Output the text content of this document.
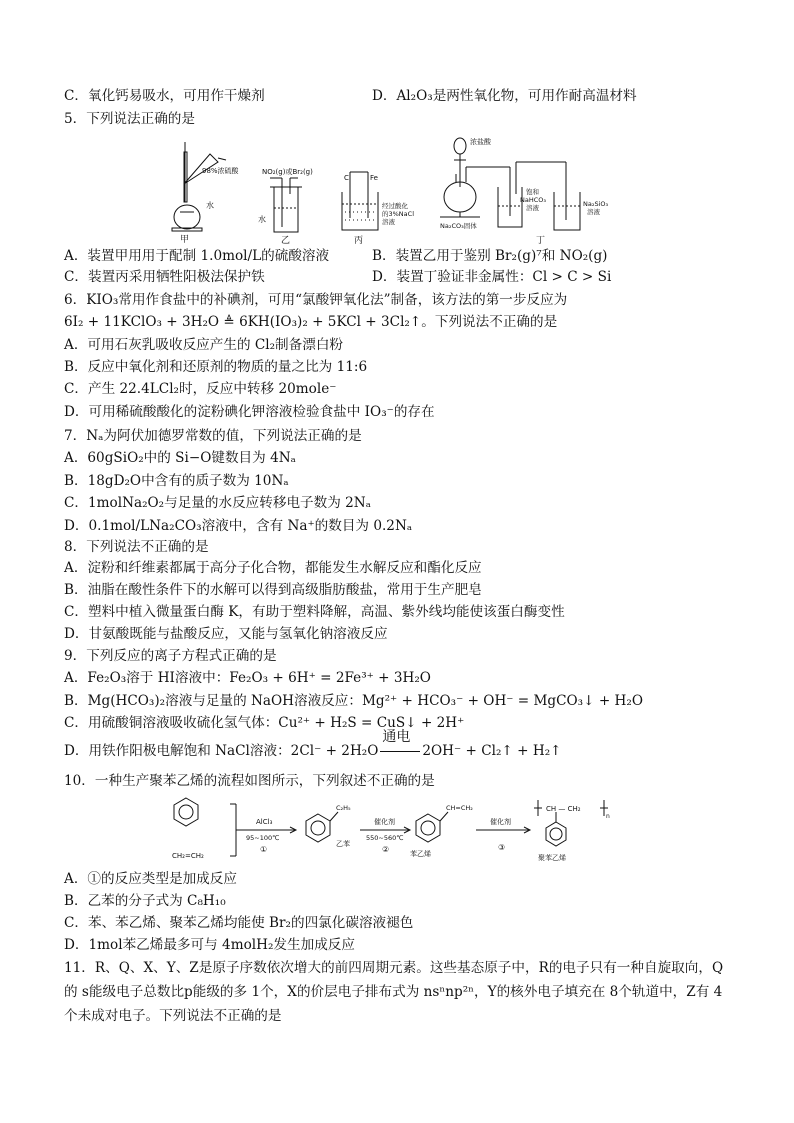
C．氧化钙易吸水，可用作干燥剂	D．Al₂O₃是两性氧化物，可用作耐高温材料
5．下列说法正确的是
98%浓硫酸
水
甲
NO₂(g)或Br₂(g)
水
乙
C	Fe
经过酸化
的3%NaCl
溶液
丙
浓盐酸
Na₂CO₃固体
饱和
NaHCO₃
溶液	Na₂SiO₃
溶液
丁
A．装置甲用用于配制 1.0mol/L的硫酸溶液	B．装置乙用于鉴别 Br₂(g)⁷和 NO₂(g)
C．装置丙采用牺牲阳极法保护铁	D．装置丁验证非金属性：Cl > C > Si
6．KIO₃常用作食盐中的补碘剂，可用“氯酸钾氧化法”制备，该方法的第一步反应为
6I₂ + 11KClO₃ + 3H₂O ≜ 6KH(IO₃)₂ + 5KCl + 3Cl₂↑。下列说法不正确的是
A．可用石灰乳吸收反应产生的 Cl₂制备漂白粉
B．反应中氧化剂和还原剂的物质的量之比为 11:6
C．产生 22.4LCl₂时，反应中转移 20mole⁻
D．可用稀硫酸酸化的淀粉碘化钾溶液检验食盐中 IO₃⁻的存在
7．Nₐ为阿伏加德罗常数的值，下列说法正确的是
A．60gSiO₂中的 Si−O键数目为 4Nₐ
B．18gD₂O中含有的质子数为 10Nₐ
C．1molNa₂O₂与足量的水反应转移电子数为 2Nₐ
D．0.1mol/LNa₂CO₃溶液中，含有 Na⁺的数目为 0.2Nₐ
8．下列说法不正确的是
A．淀粉和纤维素都属于高分子化合物，都能发生水解反应和酯化反应
B．油脂在酸性条件下的水解可以得到高级脂肪酸盐，常用于生产肥皂
C．塑料中植入微量蛋白酶 K，有助于塑料降解，高温、紫外线均能使该蛋白酶变性
D．甘氨酸既能与盐酸反应，又能与氢氧化钠溶液反应
9．下列反应的离子方程式正确的是
A．Fe₂O₃溶于 HI溶液中：Fe₂O₃ + 6H⁺ = 2Fe³⁺ + 3H₂O
B．Mg(HCO₃)₂溶液与足量的 NaOH溶液反应：Mg²⁺ + HCO₃⁻ + OH⁻ = MgCO₃↓ + H₂O
C．用硫酸铜溶液吸收硫化氢气体：Cu²⁺ + H₂S = CuS↓ + 2H⁺
D．用铁作阳极电解饱和 NaCl溶液：2Cl⁻ + 2H₂O
通电
2OH⁻ + Cl₂↑ + H₂↑
10．一种生产聚苯乙烯的流程如图所示，下列叙述不正确的是
CH₂=CH₂
AlCl₃
95~100℃
①
C₂H₅
乙苯
催化剂
550~560℃
②
CH=CH₂
苯乙烯
催化剂
③
CH — CH₂
n
聚苯乙烯
A．①的反应类型是加成反应
B．乙苯的分子式为 C₈H₁₀
C．苯、苯乙烯、聚苯乙烯均能使 Br₂的四氯化碳溶液褪色
D．1mol苯乙烯最多可与 4molH₂发生加成反应
11．R、Q、X、Y、Z是原子序数依次增大的前四周期元素。这些基态原子中，R的电子只有一种自旋取向，Q
的 s能级电子总数比p能级的多 1个，X的价层电子排布式为 nsⁿnp²ⁿ，Y的核外电子填充在 8个轨道中，Z有 4
个未成对电子。下列说法不正确的是
